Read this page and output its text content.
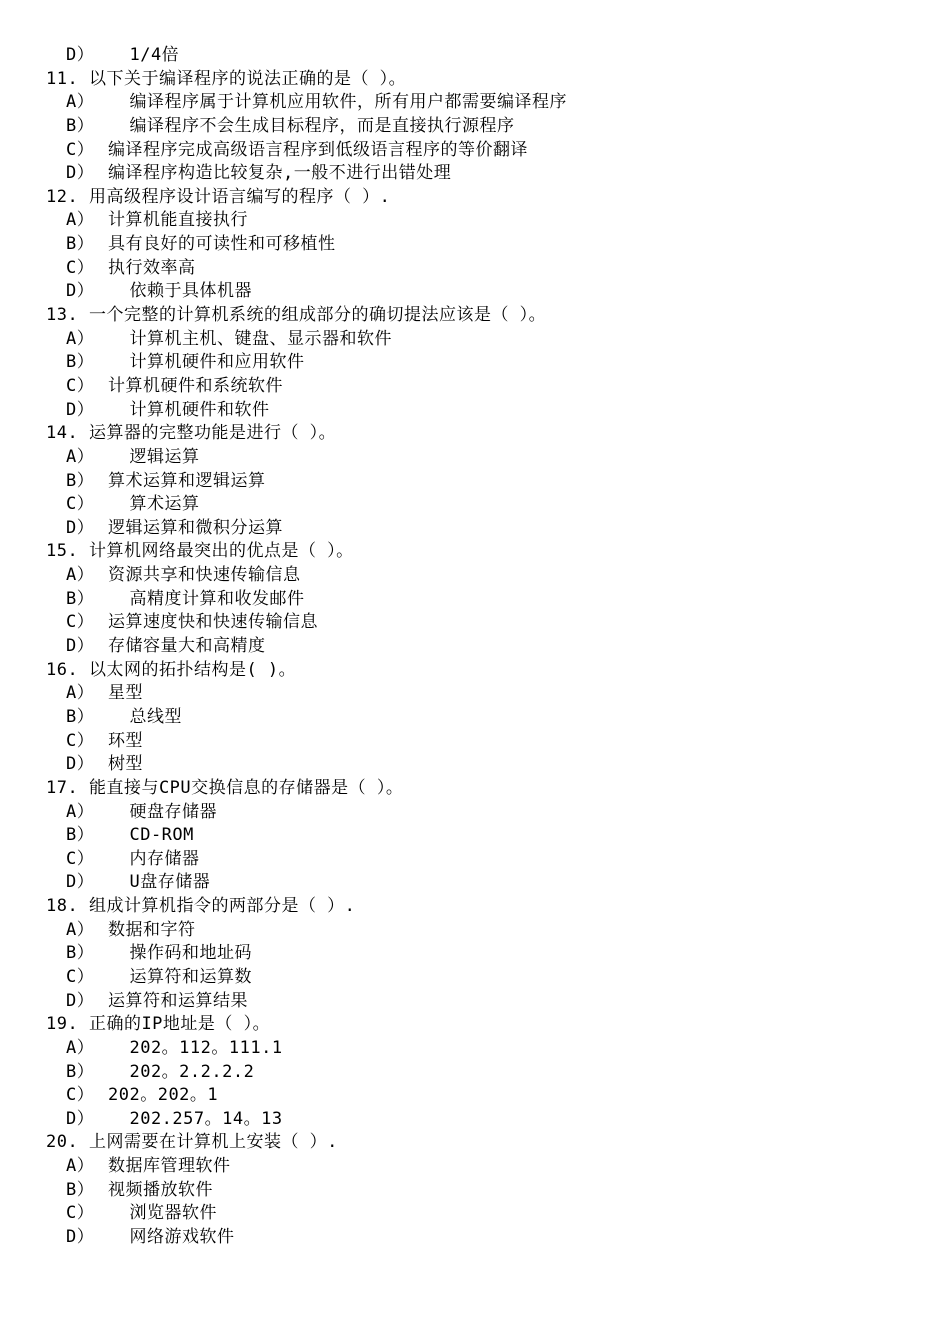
D）  1/4倍
11. 以下关于编译程序的说法正确的是（ ）。
A）  编译程序属于计算机应用软件，所有用户都需要编译程序
B）  编译程序不会生成目标程序，而是直接执行源程序
C） 编译程序完成高级语言程序到低级语言程序的等价翻译
D） 编译程序构造比较复杂,一般不进行出错处理
12. 用高级程序设计语言编写的程序（ ）.
A） 计算机能直接执行
B） 具有良好的可读性和可移植性
C） 执行效率高
D）  依赖于具体机器
13. 一个完整的计算机系统的组成部分的确切提法应该是（ ）。
A）  计算机主机、键盘、显示器和软件
B）  计算机硬件和应用软件
C） 计算机硬件和系统软件
D）  计算机硬件和软件
14. 运算器的完整功能是进行（ ）。
A）  逻辑运算
B） 算术运算和逻辑运算
C）  算术运算
D） 逻辑运算和微积分运算
15. 计算机网络最突出的优点是（ ）。
A） 资源共享和快速传输信息
B）  高精度计算和收发邮件
C） 运算速度快和快速传输信息
D） 存储容量大和高精度
16. 以太网的拓扑结构是( )。
A） 星型
B）  总线型
C） 环型
D） 树型
17. 能直接与CPU交换信息的存储器是（ ）。
A）  硬盘存储器
B）  CD-ROM
C）  内存储器
D）  U盘存储器
18. 组成计算机指令的两部分是（ ）.
A） 数据和字符
B）  操作码和地址码
C）  运算符和运算数
D） 运算符和运算结果
19. 正确的IP地址是（ ）。
A）  202。112。111.1
B）  202。2.2.2.2
C） 202。202。1
D）  202.257。14。13
20. 上网需要在计算机上安装（ ）.
A） 数据库管理软件
B） 视频播放软件
C）  浏览器软件
D）  网络游戏软件
